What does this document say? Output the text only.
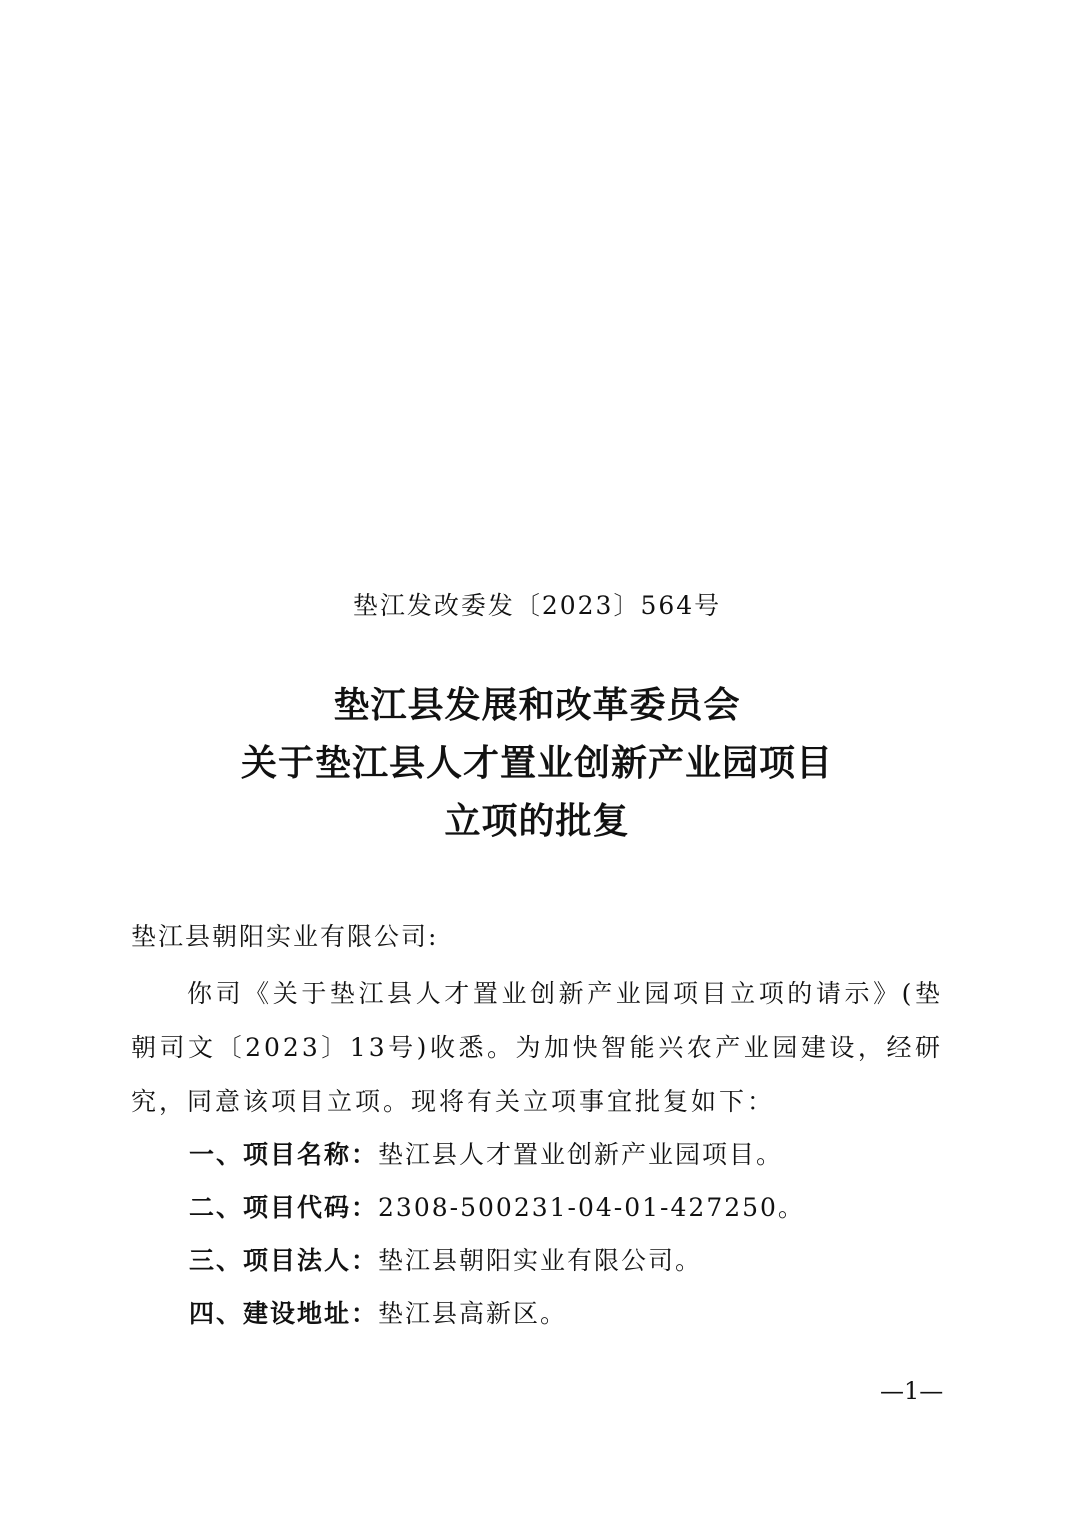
垫江发改委发〔2023〕564号
垫江县发展和改革委员会
关于垫江县人才置业创新产业园项目
立项的批复
垫江县朝阳实业有限公司:
你司《关于垫江县人才置业创新产业园项目立项的请示》(垫朝司文〔2023〕13号)收悉。为加快智能兴农产业园建设，经研究，同意该项目立项。现将有关立项事宜批复如下：
一、项目名称：垫江县人才置业创新产业园项目。
二、项目代码：2308-500231-04-01-427250。
三、项目法人：垫江县朝阳实业有限公司。
四、建设地址：垫江县高新区。
—1—
